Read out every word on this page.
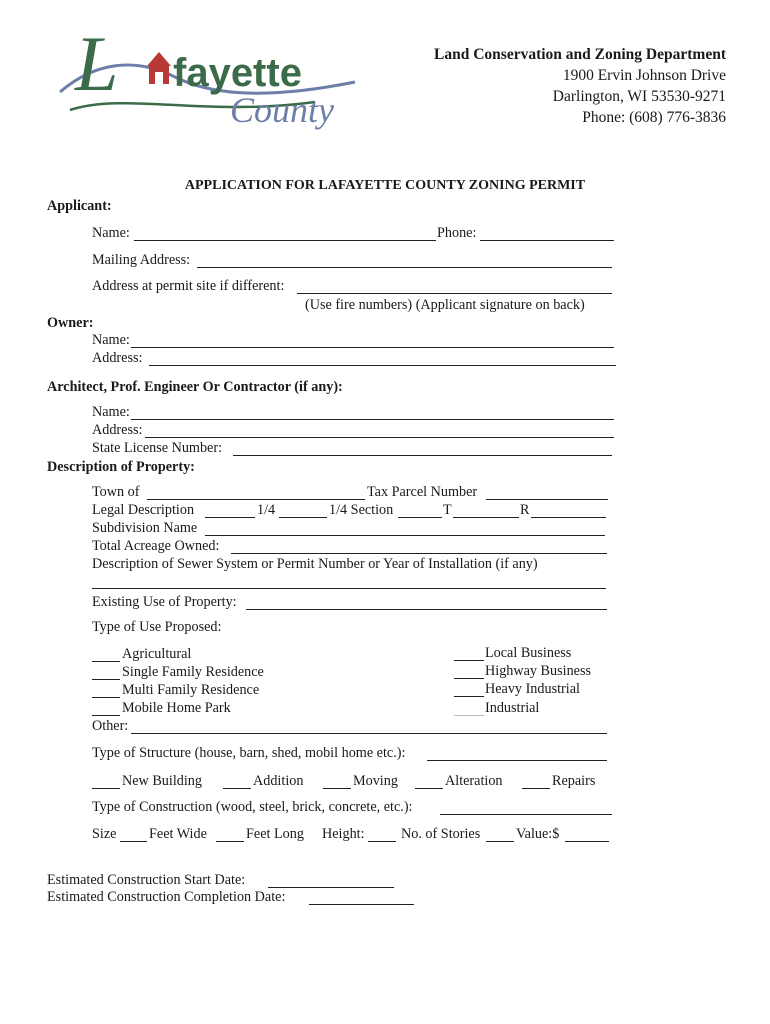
L fayette
County
Land Conservation and Zoning Department
1900 Ervin Johnson Drive
Darlington, WI 53530-9271
Phone: (608) 776-3836
APPLICATION FOR LAFAYETTE COUNTY ZONING PERMIT
Applicant:
Name:	Phone:
Mailing Address:
Address at permit site if different:
(Use fire numbers) (Applicant signature on back)
Owner:
Name:
Address:
Architect, Prof. Engineer Or Contractor (if any):
Name:
Address:
State License Number:
Description of Property:
Town of	Tax Parcel Number
Legal Description	1/4	1/4 Section	T	R
Subdivision Name
Total Acreage Owned:
Description of Sewer System or Permit Number or Year of Installation (if any)
Existing Use of Property:
Type of Use Proposed:
Agricultural
Single Family Residence
Multi Family Residence
Mobile Home Park
Local Business
Highway Business
Heavy Industrial
Industrial
Other:
Type of Structure (house, barn, shed, mobil home etc.):
New Building	Addition	Moving	Alteration	Repairs
Type of Construction (wood, steel, brick, concrete, etc.):
Size Feet Wide	Feet Long Height:	No. of Stories	Value:$
Estimated Construction Start Date:
Estimated Construction Completion Date:
